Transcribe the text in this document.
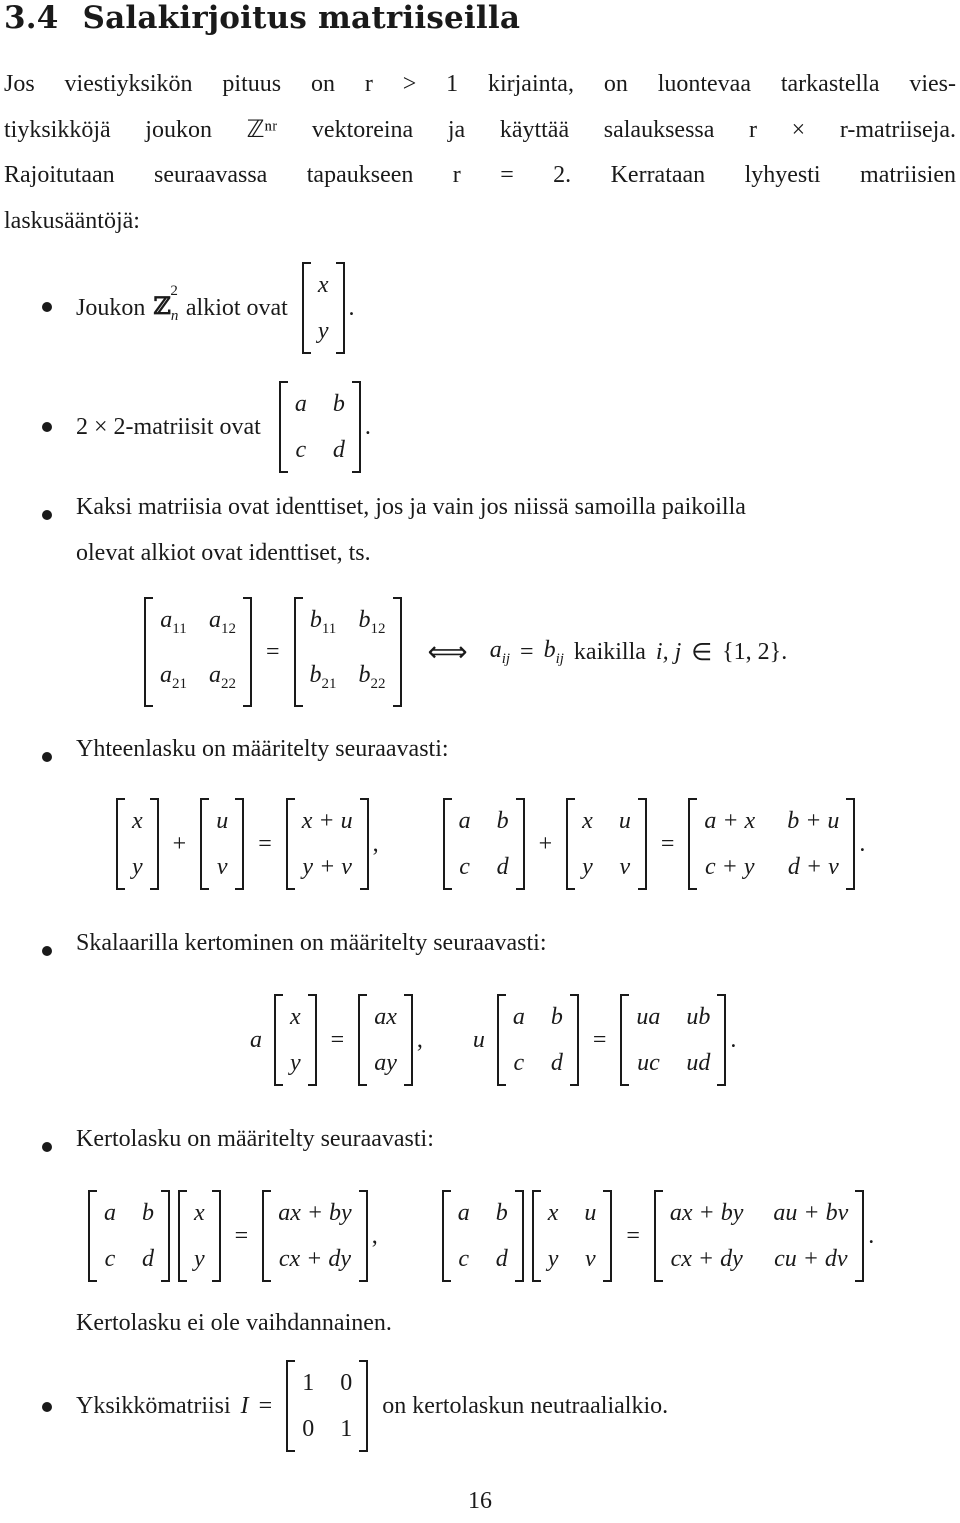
3.4 Salakirjoitus matriiseilla
Jos viestiyksikön pituus on r > 1 kirjainta, on luontevaa tarkastella vies-
tiyksikköjä joukon ℤⁿʳ vektoreina ja käyttää salauksessa r × r-matriiseja.
Rajoitutaan seuraavassa tapaukseen r = 2. Kerrataan lyhyesti matriisien
laskusääntöjä:
Joukon ℤ$_n^2$
alkiot ovat
x
y
.
2 × 2-matriisit ovat
a b
c d
.
Kaksi matriisia ovat identtiset, jos ja vain jos niissä samoilla paikoilla
olevat alkiot ovat identtiset, ts.
$a_{11}$ $a_{12}$
$a_{21}$ $a_{22}$
=
$b_{11}$ $b_{12}$
$b_{21}$ $b_{22}$
⟺ $a_{ij} = b_{ij}$ kaikilla i, j ∈ {1, 2}.
Yhteenlasku on määritelty seuraavasti:
x
y
+
u
v
=
x + u
y + v
,
a b
c d
+
x u
y v
=
a + x b + u
c + y d + v
.
Skalaarilla kertominen on määritelty seuraavasti:
a
x
y
=
ax
ay
, u
a b
c d
=
ua ub
uc ud
.
Kertolasku on määritelty seuraavasti:
a b
c d
x
y
=
ax + by
cx + dy
,
a b
c d
x u
y v
=
ax + by au + bv
cx + dy cu + dv
.
Kertolasku ei ole vaihdannainen.
Yksikkömatriisi I =
1 0
0 1
on kertolaskun neutraalialkio.
16
